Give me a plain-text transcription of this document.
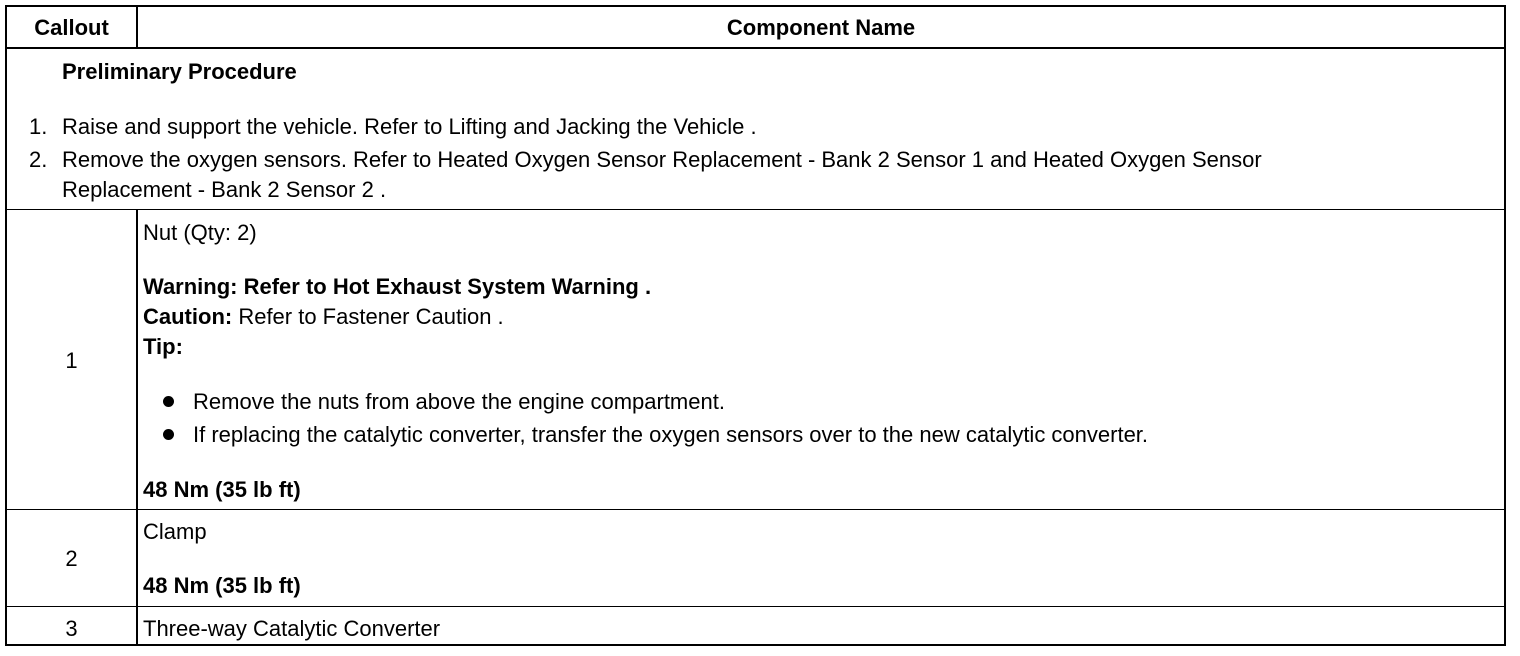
Callout	Component Name
Preliminary Procedure
1. Raise and support the vehicle. Refer to Lifting and Jacking the Vehicle .
2. Remove the oxygen sensors. Refer to Heated Oxygen Sensor Replacement - Bank 2 Sensor 1 and Heated Oxygen Sensor
Replacement - Bank 2 Sensor 2 .
1
Nut (Qty: 2)
Warning: Refer to Hot Exhaust System Warning .
Caution: Refer to Fastener Caution .
Tip:
Remove the nuts from above the engine compartment.
If replacing the catalytic converter, transfer the oxygen sensors over to the new catalytic converter.
48 Nm (35 lb ft)
2
Clamp
48 Nm (35 lb ft)
3	Three-way Catalytic Converter
